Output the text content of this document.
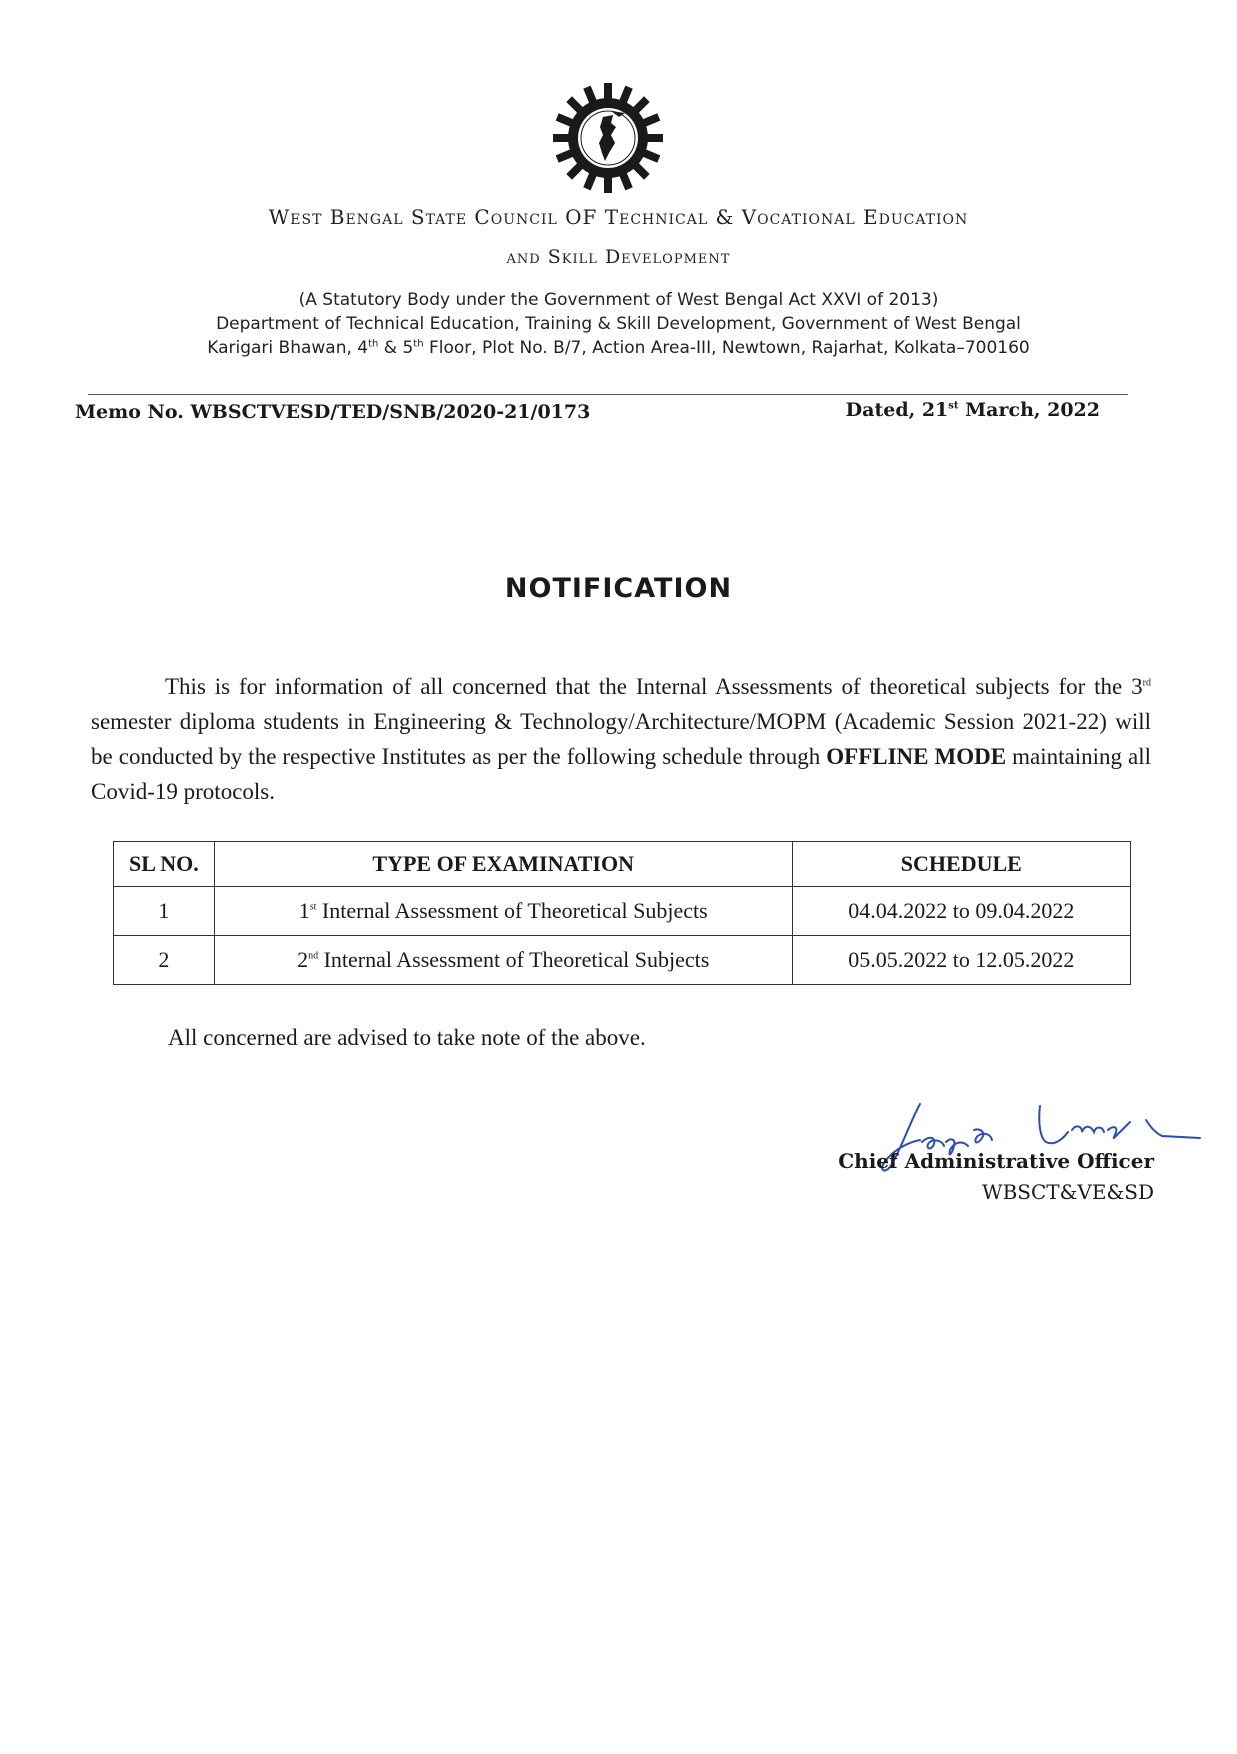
West Bengal State Council OF Technical & Vocational Education
and Skill Development
(A Statutory Body under the Government of West Bengal Act XXVI of 2013)
Department of Technical Education, Training & Skill Development, Government of West Bengal
Karigari Bhawan, 4th & 5th Floor, Plot No. B/7, Action Area-III, Newtown, Rajarhat, Kolkata–700160
Memo No. WBSCTVESD/TED/SNB/2020-21/0173	Dated, 21st March, 2022
NOTIFICATION

This is for information of all concerned that the Internal Assessments of theoretical subjects for the 3rd semester diploma students in Engineering & Technology/Architecture/MOPM (Academic Session 2021-22) will be conducted by the respective Institutes as per the following schedule through OFFLINE MODE maintaining all Covid-19 protocols.

SL NO.	TYPE OF EXAMINATION	SCHEDULE
1	1st Internal Assessment of Theoretical Subjects	04.04.2022 to 09.04.2022
2	2nd Internal Assessment of Theoretical Subjects	05.05.2022 to 12.05.2022
All concerned are advised to take note of the above.
Chief Administrative Officer
WBSCT&VE&SD
